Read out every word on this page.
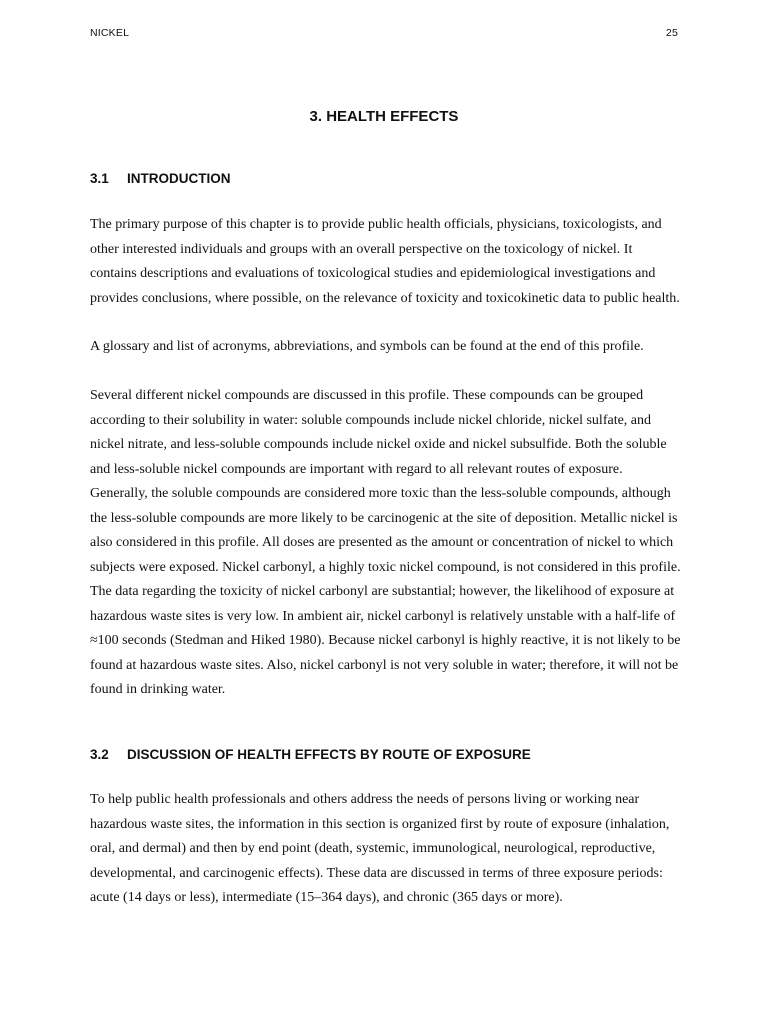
NICKEL	25
3. HEALTH EFFECTS
3.1 INTRODUCTION
The primary purpose of this chapter is to provide public health officials, physicians, toxicologists, and
other interested individuals and groups with an overall perspective on the toxicology of nickel. It
contains descriptions and evaluations of toxicological studies and epidemiological investigations and
provides conclusions, where possible, on the relevance of toxicity and toxicokinetic data to public health.
A glossary and list of acronyms, abbreviations, and symbols can be found at the end of this profile.
Several different nickel compounds are discussed in this profile. These compounds can be grouped
according to their solubility in water: soluble compounds include nickel chloride, nickel sulfate, and
nickel nitrate, and less-soluble compounds include nickel oxide and nickel subsulfide. Both the soluble
and less-soluble nickel compounds are important with regard to all relevant routes of exposure.
Generally, the soluble compounds are considered more toxic than the less-soluble compounds, although
the less-soluble compounds are more likely to be carcinogenic at the site of deposition. Metallic nickel is
also considered in this profile. All doses are presented as the amount or concentration of nickel to which
subjects were exposed. Nickel carbonyl, a highly toxic nickel compound, is not considered in this profile.
The data regarding the toxicity of nickel carbonyl are substantial; however, the likelihood of exposure at
hazardous waste sites is very low. In ambient air, nickel carbonyl is relatively unstable with a half-life of
≈100 seconds (Stedman and Hiked 1980). Because nickel carbonyl is highly reactive, it is not likely to be
found at hazardous waste sites. Also, nickel carbonyl is not very soluble in water; therefore, it will not be
found in drinking water.
3.2 DISCUSSION OF HEALTH EFFECTS BY ROUTE OF EXPOSURE
To help public health professionals and others address the needs of persons living or working near
hazardous waste sites, the information in this section is organized first by route of exposure (inhalation,
oral, and dermal) and then by end point (death, systemic, immunological, neurological, reproductive,
developmental, and carcinogenic effects). These data are discussed in terms of three exposure periods:
acute (14 days or less), intermediate (15–364 days), and chronic (365 days or more).
